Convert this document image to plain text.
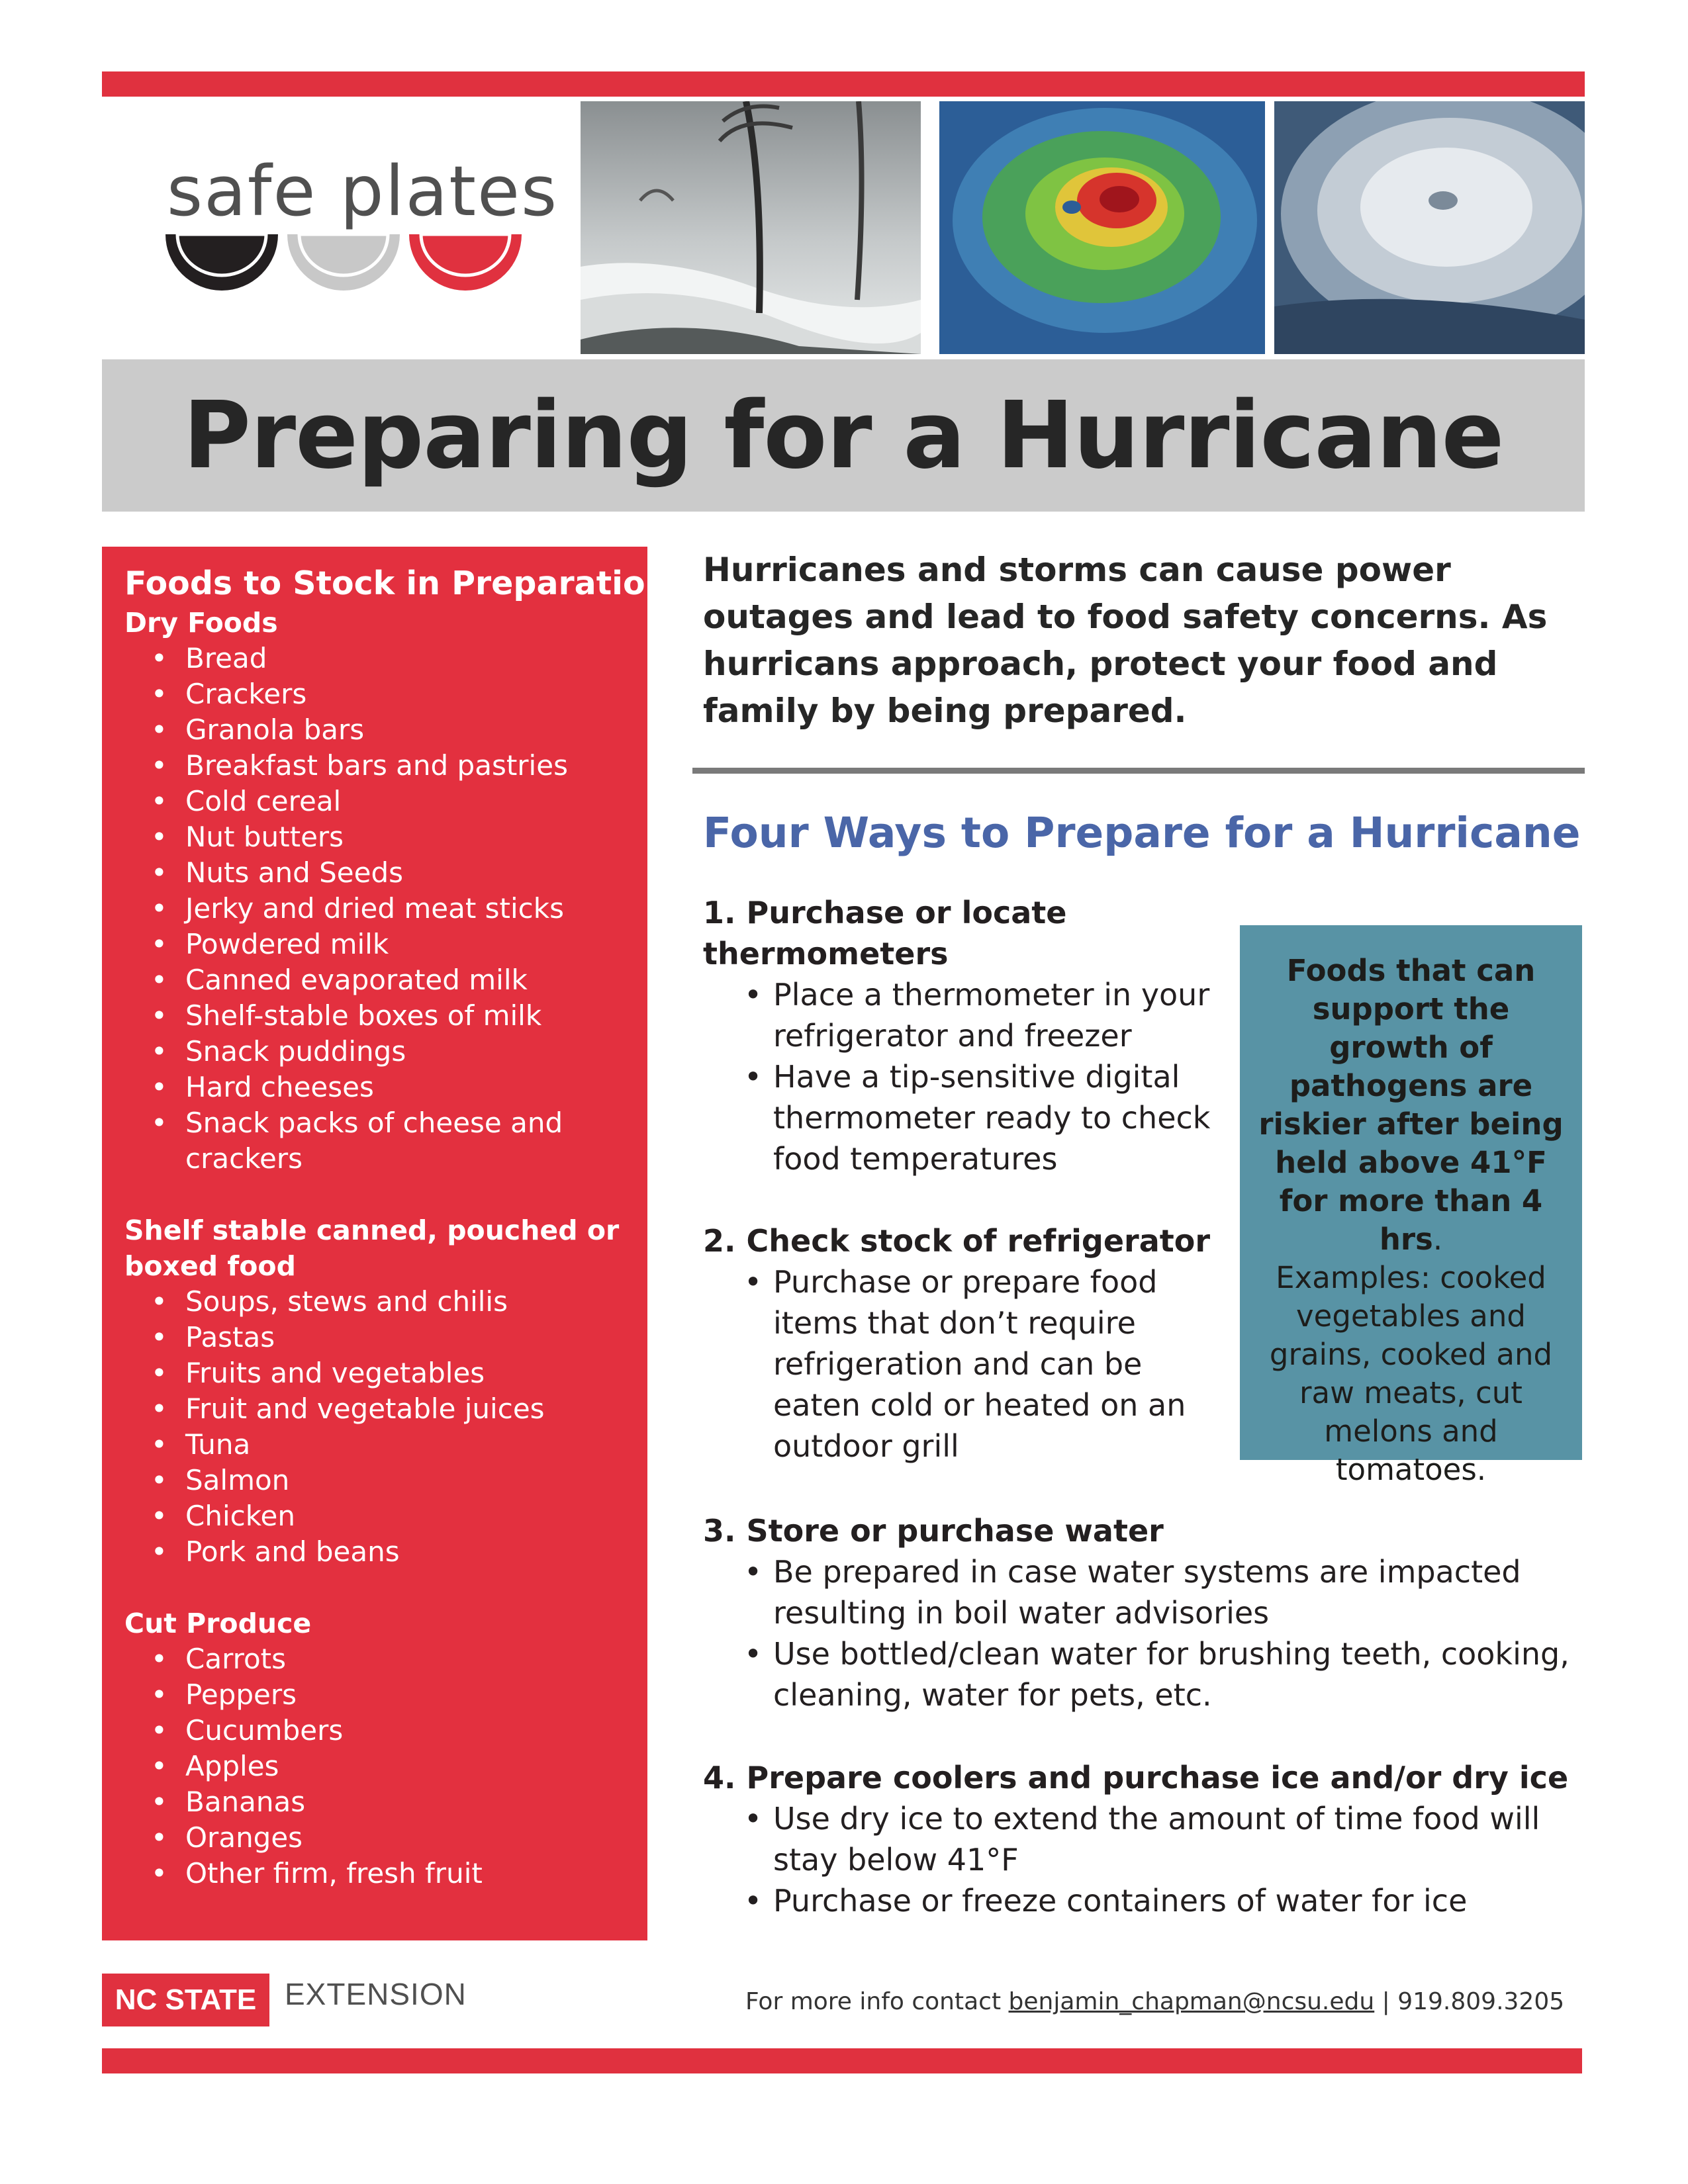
safe plates
Preparing for a Hurricane
Foods to Stock in Preparation
Dry Foods
• Bread
• Crackers
• Granola bars
• Breakfast bars and pastries
• Cold cereal
• Nut butters
• Nuts and Seeds
• Jerky and dried meat sticks
• Powdered milk
• Canned evaporated milk
• Shelf-stable boxes of milk
• Snack puddings
• Hard cheeses
• Snack packs of cheese and crackers
Shelf stable canned, pouched or boxed food
• Soups, stews and chilis
• Pastas
• Fruits and vegetables
• Fruit and vegetable juices
• Tuna
• Salmon
• Chicken
• Pork and beans
Cut Produce
• Carrots
• Peppers
• Cucumbers
• Apples
• Bananas
• Oranges
• Other firm, fresh fruit
Hurricanes and storms can cause power outages and lead to food safety concerns. As hurricans approach, protect your food and family by being prepared.
Four Ways to Prepare for a Hurricane
1. Purchase or locate thermometers
• Place a thermometer in your refrigerator and freezer
• Have a tip-sensitive digital thermometer ready to check food temperatures
2. Check stock of refrigerator
• Purchase or prepare food items that don’t require refrigeration and can be eaten cold or heated on an outdoor grill
3. Store or purchase water
• Be prepared in case water systems are impacted resulting in boil water advisories
• Use bottled/clean water for brushing teeth, cooking, cleaning, water for pets, etc.
4. Prepare coolers and purchase ice and/or dry ice
• Use dry ice to extend the amount of time food will stay below 41°F
• Purchase or freeze containers of water for ice
Foods that can support the growth of pathogens are riskier after being held above 41°F for more than 4 hrs.
Examples: cooked vegetables and grains, cooked and raw meats, cut melons and tomatoes.
NC STATE EXTENSION	For more info contact benjamin_chapman@ncsu.edu | 919.809.3205
